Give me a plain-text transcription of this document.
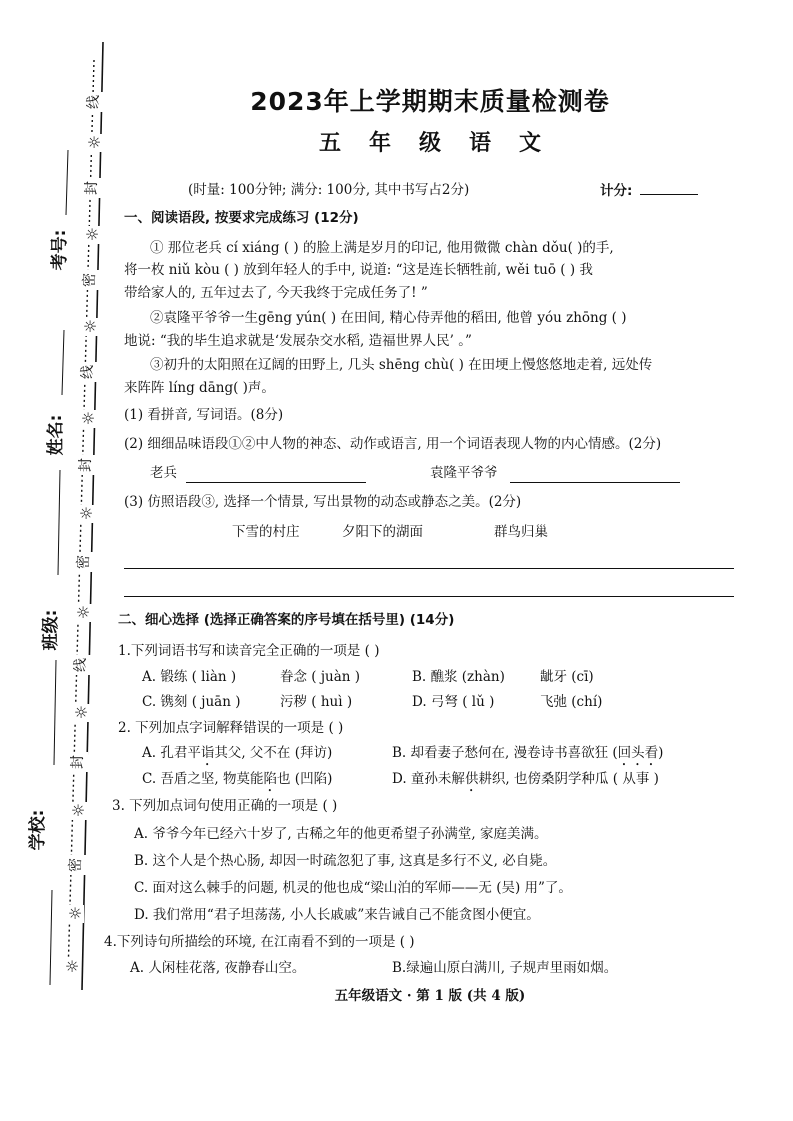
考号:
姓名:
班级:
学校:
线
封
密
线
封
密
线
封
密
☼
☼
☼
☼
☼
☼
☼
☼
☼
☼
2023年上学期期末质量检测卷
五年级语文
(时量: 100分钟; 满分: 100分, 其中书写占2分)	计分:
一、阅读语段, 按要求完成练习 (12分)
① 那位老兵 cí xiáng ( ) 的脸上满是岁月的印记, 他用微微 chàn dǒu( )的手,
将一枚 niǔ kòu ( ) 放到年轻人的手中, 说道: “这是连长牺牲前, wěi tuō ( ) 我
带给家人的, 五年过去了, 今天我终于完成任务了! ”
②袁隆平爷爷一生gēng yún( ) 在田间, 精心侍弄他的稻田, 他曾 yóu zhōng ( )
地说: “我的毕生追求就是‘发展杂交水稻, 造福世界人民’ 。”
③初升的太阳照在辽阔的田野上, 几头 shēng chù( ) 在田埂上慢悠悠地走着, 远处传
来阵阵 líng dāng( )声。
(1) 看拼音, 写词语。(8分)
(2) 细细品味语段①②中人物的神态、动作或语言, 用一个词语表现人物的内心情感。(2分)
老兵	袁隆平爷爷
(3) 仿照语段③, 选择一个情景, 写出景物的动态或静态之美。(2分)
下雪的村庄	夕阳下的湖面	群鸟归巢
二、细心选择 (选择正确答案的序号填在括号里) (14分)
1.下列词语书写和读音完全正确的一项是 ( )
A. 锻练 ( liàn )	眷念 ( juàn )	B. 醮浆 (zhàn)	龇牙 (cī)
C. 镌刻 ( juān )	污秽 ( huì )	D. 弓弩 ( lǔ )	飞弛 (chí)
2. 下列加点字词解释错误的一项是 ( )
A. 孔君平诣其父, 父不在 (拜访)	B. 却看妻子愁何在, 漫卷诗书喜欲狂 (回头看)
C. 吾盾之坚, 物莫能陷也 (凹陷)	D. 童孙未解供耕织, 也傍桑阴学种瓜 ( 从事 )
3. 下列加点词句使用正确的一项是 ( )
A. 爷爷今年已经六十岁了, 古稀之年的他更希望子孙满堂, 家庭美满。
B. 这个人是个热心肠, 却因一时疏忽犯了事, 这真是多行不义, 必自毙。
C. 面对这么棘手的问题, 机灵的他也成“梁山泊的军师——无 (吴) 用”了。
D. 我们常用“君子坦荡荡, 小人长戚戚”来告诫自己不能贪图小便宜。
4.下列诗句所描绘的环境, 在江南看不到的一项是 ( )
A. 人闲桂花落, 夜静春山空。	B.绿遍山原白满川, 子规声里雨如烟。
五年级语文 · 第 1 版 (共 4 版)
